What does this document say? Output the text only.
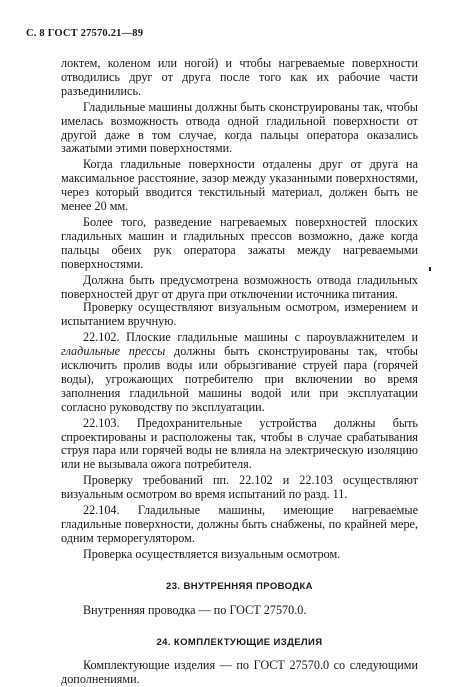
С. 8 ГОСТ 27570.21—89

локтем, коленом или ногой) и чтобы нагреваемые поверхности отводились друг от друга после того как их рабочие части разъединились.

Гладильные машины должны быть сконструированы так, чтобы имелась возможность отвода одной гладильной поверхности от другой даже в том случае, когда пальцы оператора оказались зажатыми этими поверхностями.

Когда гладильные поверхности отдалены друг от друга на максимальное расстояние, зазор между указанными поверхностями, через который вводится текстильный материал, должен быть не менее 20 мм.

Более того, разведение нагреваемых поверхностей плоских гладильных машин и гладильных прессов возможно, даже когда пальцы обеих рук оператора зажаты между нагреваемыми поверхностями.

Должна быть предусмотрена возможность отвода гладильных поверхностей друг от друга при отключении источника питания.

Проверку осуществляют визуальным осмотром, измерением и испытанием вручную.

22.102. Плоские гладильные машины с пароувлажнителем и гладильные прессы должны быть сконструированы так, чтобы исключить пролив воды или обрызгивание струей пара (горячей воды), угрожающих потребителю при включении во время заполнения гладильной машины водой или при эксплуатации согласно руководству по эксплуатации.

22.103. Предохранительные устройства должны быть спроектированы и расположены так, чтобы в случае срабатывания струя пара или горячей воды не влияла на электрическую изоляцию или не вызывала ожога потребителя.

Проверку требований пп. 22.102 и 22.103 осуществляют визуальным осмотром во время испытаний по разд. 11.

22.104. Гладильные машины, имеющие нагреваемые гладильные поверхности, должны быть снабжены, по крайней мере, одним терморегулятором.

Проверка осуществляется визуальным осмотром.

23. ВНУТРЕННЯЯ ПРОВОДКА

Внутренняя проводка — по ГОСТ 27570.0.

24. КОМПЛЕКТУЮЩИЕ ИЗДЕЛИЯ

Комплектующие изделия — по ГОСТ 27570.0 со следующими дополнениями.
